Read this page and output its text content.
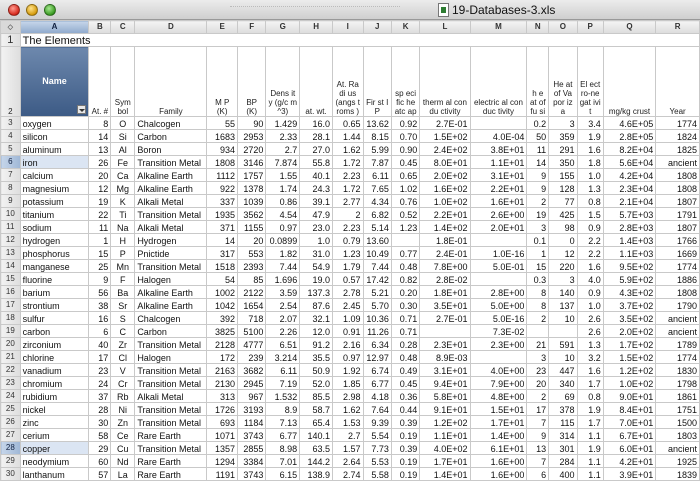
19-Databases-3.xls
◇	A	B	C	D	E	F	G	H	I	J	K	L	M	N	O	P	Q	R
1	The Elements																	
2	Name	At. #	Sym bol	Family	M P (K)	BP (K)	Dens ity (g/c m^3)	at. wt.	At. Radi us (angs troms )	Fir st IP	sp eci fic he atc ap	therm al condu ctivity	electric al conduc tivity	h e at of fu si	He at of Va por iza	El ect ro-ne gat ivit	mg/kg crust	Year
3	oxygen	8	O	Chalcogen	55	90	1.429	16.0	0.65	13.62	0.92	2.7E-01		0.2	3	3.4	4.6E+05	1774
4	silicon	14	Si	Carbon	1683	2953	2.33	28.1	1.44	8.15	0.70	1.5E+02	4.0E-04	50	359	1.9	2.8E+05	1824
5	aluminum	13	Al	Boron	934	2720	2.7	27.0	1.62	5.99	0.90	2.4E+02	3.8E+01	11	291	1.6	8.2E+04	1825
6	iron	26	Fe	Transition Metal	1808	3146	7.874	55.8	1.72	7.87	0.45	8.0E+01	1.1E+01	14	350	1.8	5.6E+04	ancient
7	calcium	20	Ca	Alkaline Earth	1112	1757	1.55	40.1	2.23	6.11	0.65	2.0E+02	3.1E+01	9	155	1.0	4.2E+04	1808
8	magnesium	12	Mg	Alkaline Earth	922	1378	1.74	24.3	1.72	7.65	1.02	1.6E+02	2.2E+01	9	128	1.3	2.3E+04	1808
9	potassium	19	K	Alkali Metal	337	1039	0.86	39.1	2.77	4.34	0.76	1.0E+02	1.6E+01	2	77	0.8	2.1E+04	1807
10	titanium	22	Ti	Transition Metal	1935	3562	4.54	47.9	2	6.82	0.52	2.2E+01	2.6E+00	19	425	1.5	5.7E+03	1791
11	sodium	11	Na	Alkali Metal	371	1155	0.97	23.0	2.23	5.14	1.23	1.4E+02	2.0E+01	3	98	0.9	2.8E+03	1807
12	hydrogen	1	H	Hydrogen	14	20	0.0899	1.0	0.79	13.60		1.8E-01		0.1	0	2.2	1.4E+03	1766
13	phosphorus	15	P	Pnictide	317	553	1.82	31.0	1.23	10.49	0.77	2.4E-01	1.0E-16	1	12	2.2	1.1E+03	1669
14	manganese	25	Mn	Transition Metal	1518	2393	7.44	54.9	1.79	7.44	0.48	7.8E+00	5.0E-01	15	220	1.6	9.5E+02	1774
15	fluorine	9	F	Halogen	54	85	1.696	19.0	0.57	17.42	0.82	2.8E-02		0.3	3	4.0	5.9E+02	1886
16	barium	56	Ba	Alkaline Earth	1002	2122	3.59	137.3	2.78	5.21	0.20	1.8E+01	2.8E+00	8	140	0.9	4.3E+02	1808
17	strontium	38	Sr	Alkaline Earth	1042	1654	2.54	87.6	2.45	5.70	0.30	3.5E+01	5.0E+00	8	137	1.0	3.7E+02	1790
18	sulfur	16	S	Chalcogen	392	718	2.07	32.1	1.09	10.36	0.71	2.7E-01	5.0E-16	2	10	2.6	3.5E+02	ancient
19	carbon	6	C	Carbon	3825	5100	2.26	12.0	0.91	11.26	0.71		7.3E-02			2.6	2.0E+02	ancient
20	zirconium	40	Zr	Transition Metal	2128	4777	6.51	91.2	2.16	6.34	0.28	2.3E+01	2.3E+00	21	591	1.3	1.7E+02	1789
21	chlorine	17	Cl	Halogen	172	239	3.214	35.5	0.97	12.97	0.48	8.9E-03		3	10	3.2	1.5E+02	1774
22	vanadium	23	V	Transition Metal	2163	3682	6.11	50.9	1.92	6.74	0.49	3.1E+01	4.0E+00	23	447	1.6	1.2E+02	1830
23	chromium	24	Cr	Transition Metal	2130	2945	7.19	52.0	1.85	6.77	0.45	9.4E+01	7.9E+00	20	340	1.7	1.0E+02	1798
24	rubidium	37	Rb	Alkali Metal	313	967	1.532	85.5	2.98	4.18	0.36	5.8E+01	4.8E+00	2	69	0.8	9.0E+01	1861
25	nickel	28	Ni	Transition Metal	1726	3193	8.9	58.7	1.62	7.64	0.44	9.1E+01	1.5E+01	17	378	1.9	8.4E+01	1751
26	zinc	30	Zn	Transition Metal	693	1184	7.13	65.4	1.53	9.39	0.39	1.2E+02	1.7E+01	7	115	1.7	7.0E+01	1500
27	cerium	58	Ce	Rare Earth	1071	3743	6.77	140.1	2.7	5.54	0.19	1.1E+01	1.4E+00	9	314	1.1	6.7E+01	1803
28	copper	29	Cu	Transition Metal	1357	2855	8.98	63.5	1.57	7.73	0.39	4.0E+02	6.1E+01	13	301	1.9	6.0E+01	ancient
29	neodymium	60	Nd	Rare Earth	1294	3384	7.01	144.2	2.64	5.53	0.19	1.7E+01	1.6E+00	7	284	1.1	4.2E+01	1925
30	lanthanum	57	La	Rare Earth	1191	3743	6.15	138.9	2.74	5.58	0.19	1.4E+01	1.6E+00	6	400	1.1	3.9E+01	1839
